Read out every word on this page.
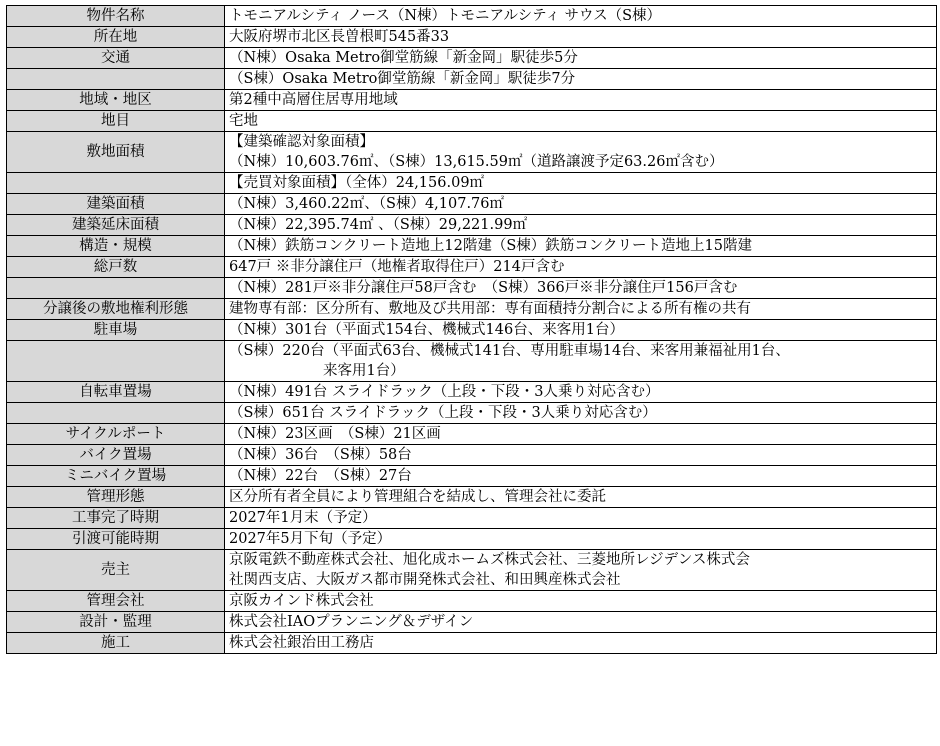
物件名称	トモニアルシティ ノース（N棟）トモニアルシティ サウス（S棟）

所在地	大阪府堺市北区長曽根町545番33

交通	（N棟）Osaka Metro御堂筋線「新金岡」駅徒歩5分

	（S棟）Osaka Metro御堂筋線「新金岡」駅徒歩7分

地域・地区	第2種中高層住居専用地域

地目	宅地

敷地面積	【建築確認対象面積】
（N棟）10,603.76㎡、（S棟）13,615.59㎡（道路譲渡予定63.26㎡含む）

	【売買対象面積】（全体）24,156.09㎡

建築面積	（N棟）3,460.22㎡、（S棟）4,107.76㎡

建築延床面積	（N棟）22,395.74㎡ 、（S棟）29,221.99㎡

構造・規模	（N棟）鉄筋コンクリート造地上12階建（S棟）鉄筋コンクリート造地上15階建

総戸数	647戸 ※非分譲住戸（地権者取得住戸）214戸含む

	（N棟）281戸※非分譲住戸58戸含む　（S棟）366戸※非分譲住戸156戸含む

分譲後の敷地権利形態	建物専有部：区分所有、敷地及び共用部：専有面積持分割合による所有権の共有

駐車場	（N棟）301台（平面式154台、機械式146台、来客用1台）

	（S棟）220台（平面式63台、機械式141台、専用駐車場14台、来客用兼福祉用1台、
来客用1台）

自転車置場	（N棟）491台 スライドラック（上段・下段・3人乗り対応含む）

	（S棟）651台 スライドラック（上段・下段・3人乗り対応含む）

サイクルポート	（N棟）23区画　（S棟）21区画

バイク置場	（N棟）36台　（S棟）58台

ミニバイク置場	（N棟）22台　（S棟）27台

管理形態	区分所有者全員により管理組合を結成し、管理会社に委託

工事完了時期	2027年1月末（予定）

引渡可能時期	2027年5月下旬（予定）

売主	京阪電鉄不動産株式会社、旭化成ホームズ株式会社、三菱地所レジデンス株式会
社関西支店、大阪ガス都市開発株式会社、和田興産株式会社

管理会社	京阪カインド株式会社

設計・監理	株式会社IAOプランニング＆デザイン

施工	株式会社銀治田工務店
